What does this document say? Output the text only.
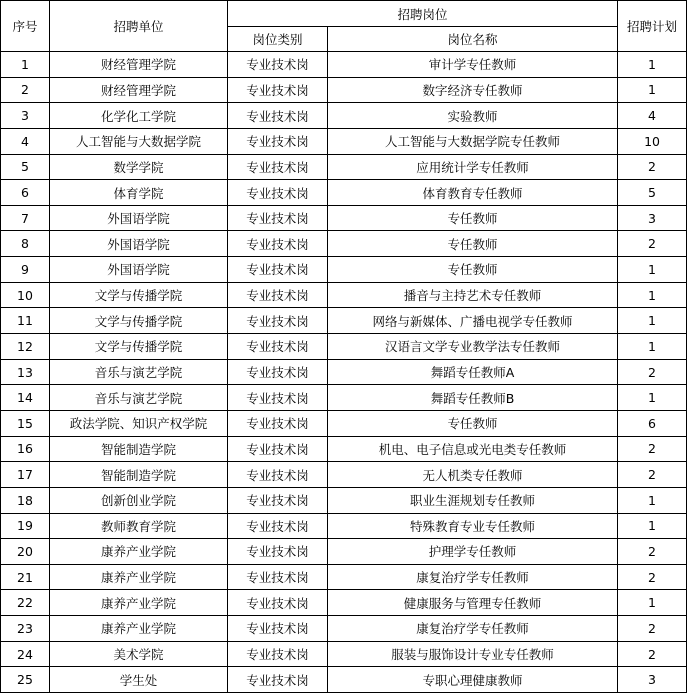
序号	招聘单位	招聘岗位		招聘计划
		岗位类别	岗位名称	
1	财经管理学院	专业技术岗	审计学专任教师	1
2	财经管理学院	专业技术岗	数字经济专任教师	1
3	化学化工学院	专业技术岗	实验教师	4
4	人工智能与大数据学院	专业技术岗	人工智能与大数据学院专任教师	10
5	数学学院	专业技术岗	应用统计学专任教师	2
6	体育学院	专业技术岗	体育教育专任教师	5
7	外国语学院	专业技术岗	专任教师	3
8	外国语学院	专业技术岗	专任教师	2
9	外国语学院	专业技术岗	专任教师	1
10	文学与传播学院	专业技术岗	播音与主持艺术专任教师	1
11	文学与传播学院	专业技术岗	网络与新媒体、广播电视学专任教师	1
12	文学与传播学院	专业技术岗	汉语言文学专业教学法专任教师	1
13	音乐与演艺学院	专业技术岗	舞蹈专任教师A	2
14	音乐与演艺学院	专业技术岗	舞蹈专任教师B	1
15	政法学院、知识产权学院	专业技术岗	专任教师	6
16	智能制造学院	专业技术岗	机电、电子信息或光电类专任教师	2
17	智能制造学院	专业技术岗	无人机类专任教师	2
18	创新创业学院	专业技术岗	职业生涯规划专任教师	1
19	教师教育学院	专业技术岗	特殊教育专业专任教师	1
20	康养产业学院	专业技术岗	护理学专任教师	2
21	康养产业学院	专业技术岗	康复治疗学专任教师	2
22	康养产业学院	专业技术岗	健康服务与管理专任教师	1
23	康养产业学院	专业技术岗	康复治疗学专任教师	2
24	美术学院	专业技术岗	服装与服饰设计专业专任教师	2
25	学生处	专业技术岗	专职心理健康教师	3
